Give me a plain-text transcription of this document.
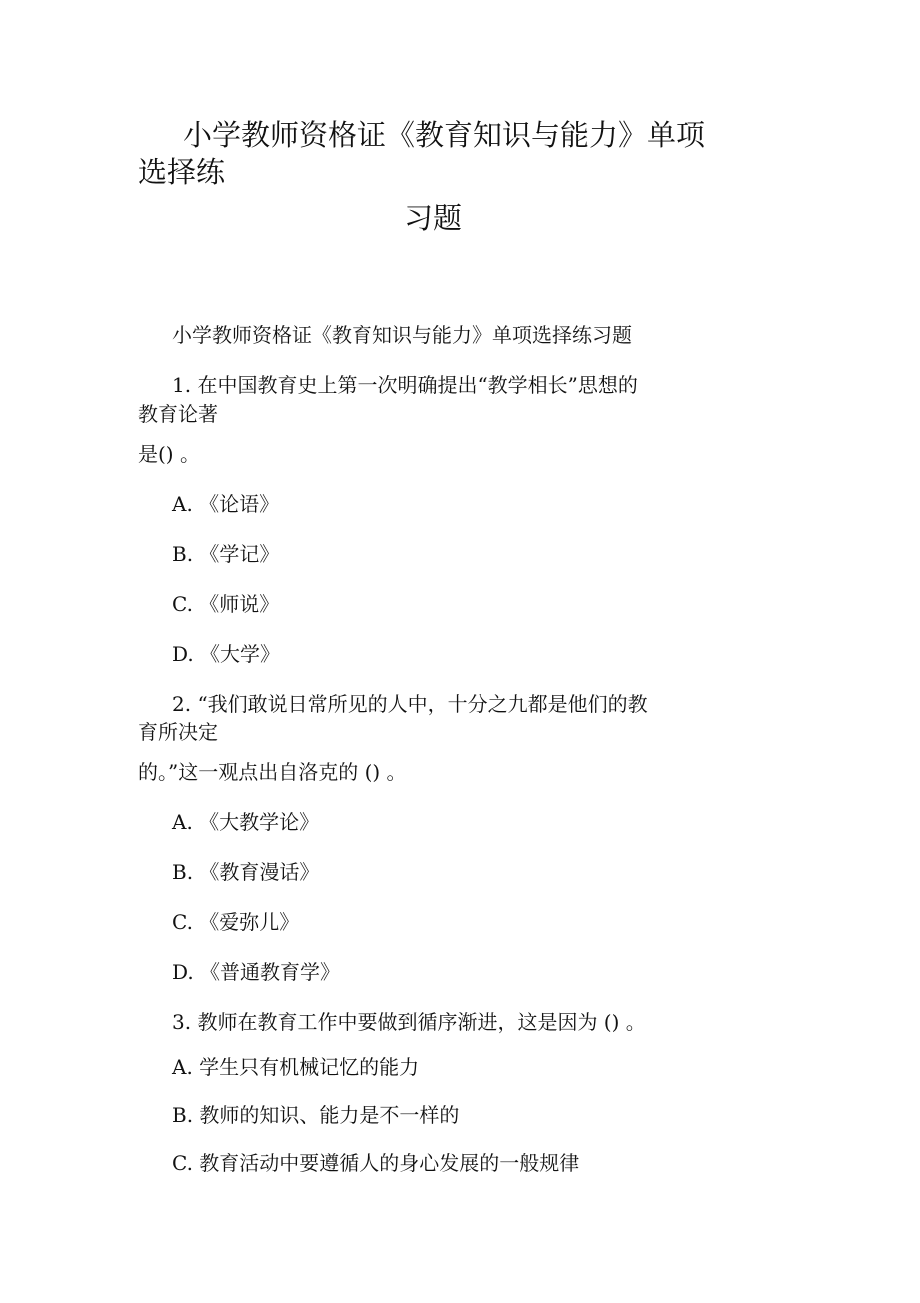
小学教师资格证《教育知识与能力》单项
选择练
习题
小学教师资格证《教育知识与能力》单项选择练习题
1. 在中国教育史上第一次明确提出“教学相长”思想的
教育论著
是() 。
A. 《论语》
B. 《学记》
C. 《师说》
D. 《大学》
2. “我们敢说日常所见的人中，十分之九都是他们的教
育所决定
的。”这一观点出自洛克的 () 。
A. 《大教学论》
B. 《教育漫话》
C. 《爱弥儿》
D. 《普通教育学》
3. 教师在教育工作中要做到循序渐进，这是因为 () 。
A. 学生只有机械记忆的能力
B. 教师的知识、能力是不一样的
C. 教育活动中要遵循人的身心发展的一般规律
